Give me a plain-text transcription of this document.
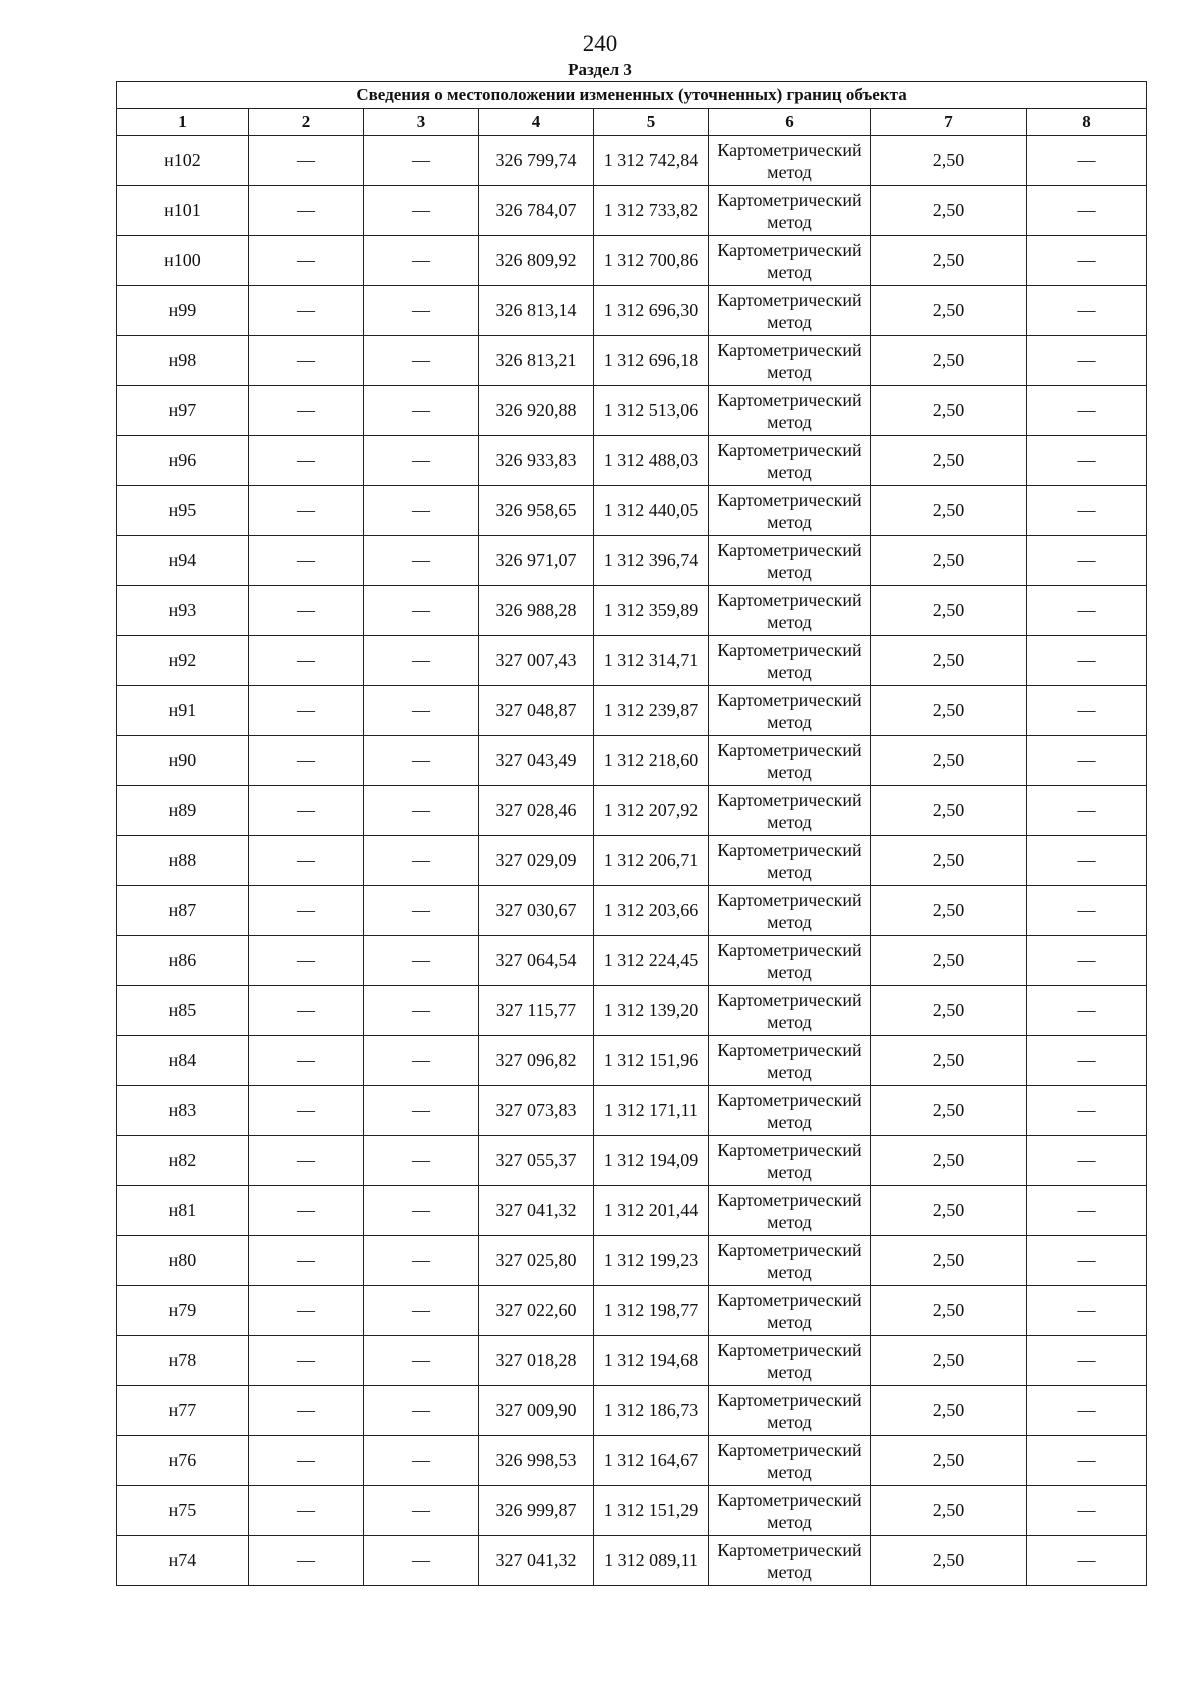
240
Раздел 3
Сведения о местоположении измененных (уточненных) границ объекта							
1	2	3	4	5	6	7	8
н102	—	—	326 799,74	1 312 742,84	Картометрический метод	2,50	—
н101	—	—	326 784,07	1 312 733,82	Картометрический метод	2,50	—
н100	—	—	326 809,92	1 312 700,86	Картометрический метод	2,50	—
н99	—	—	326 813,14	1 312 696,30	Картометрический метод	2,50	—
н98	—	—	326 813,21	1 312 696,18	Картометрический метод	2,50	—
н97	—	—	326 920,88	1 312 513,06	Картометрический метод	2,50	—
н96	—	—	326 933,83	1 312 488,03	Картометрический метод	2,50	—
н95	—	—	326 958,65	1 312 440,05	Картометрический метод	2,50	—
н94	—	—	326 971,07	1 312 396,74	Картометрический метод	2,50	—
н93	—	—	326 988,28	1 312 359,89	Картометрический метод	2,50	—
н92	—	—	327 007,43	1 312 314,71	Картометрический метод	2,50	—
н91	—	—	327 048,87	1 312 239,87	Картометрический метод	2,50	—
н90	—	—	327 043,49	1 312 218,60	Картометрический метод	2,50	—
н89	—	—	327 028,46	1 312 207,92	Картометрический метод	2,50	—
н88	—	—	327 029,09	1 312 206,71	Картометрический метод	2,50	—
н87	—	—	327 030,67	1 312 203,66	Картометрический метод	2,50	—
н86	—	—	327 064,54	1 312 224,45	Картометрический метод	2,50	—
н85	—	—	327 115,77	1 312 139,20	Картометрический метод	2,50	—
н84	—	—	327 096,82	1 312 151,96	Картометрический метод	2,50	—
н83	—	—	327 073,83	1 312 171,11	Картометрический метод	2,50	—
н82	—	—	327 055,37	1 312 194,09	Картометрический метод	2,50	—
н81	—	—	327 041,32	1 312 201,44	Картометрический метод	2,50	—
н80	—	—	327 025,80	1 312 199,23	Картометрический метод	2,50	—
н79	—	—	327 022,60	1 312 198,77	Картометрический метод	2,50	—
н78	—	—	327 018,28	1 312 194,68	Картометрический метод	2,50	—
н77	—	—	327 009,90	1 312 186,73	Картометрический метод	2,50	—
н76	—	—	326 998,53	1 312 164,67	Картометрический метод	2,50	—
н75	—	—	326 999,87	1 312 151,29	Картометрический метод	2,50	—
н74	—	—	327 041,32	1 312 089,11	Картометрический метод	2,50	—
